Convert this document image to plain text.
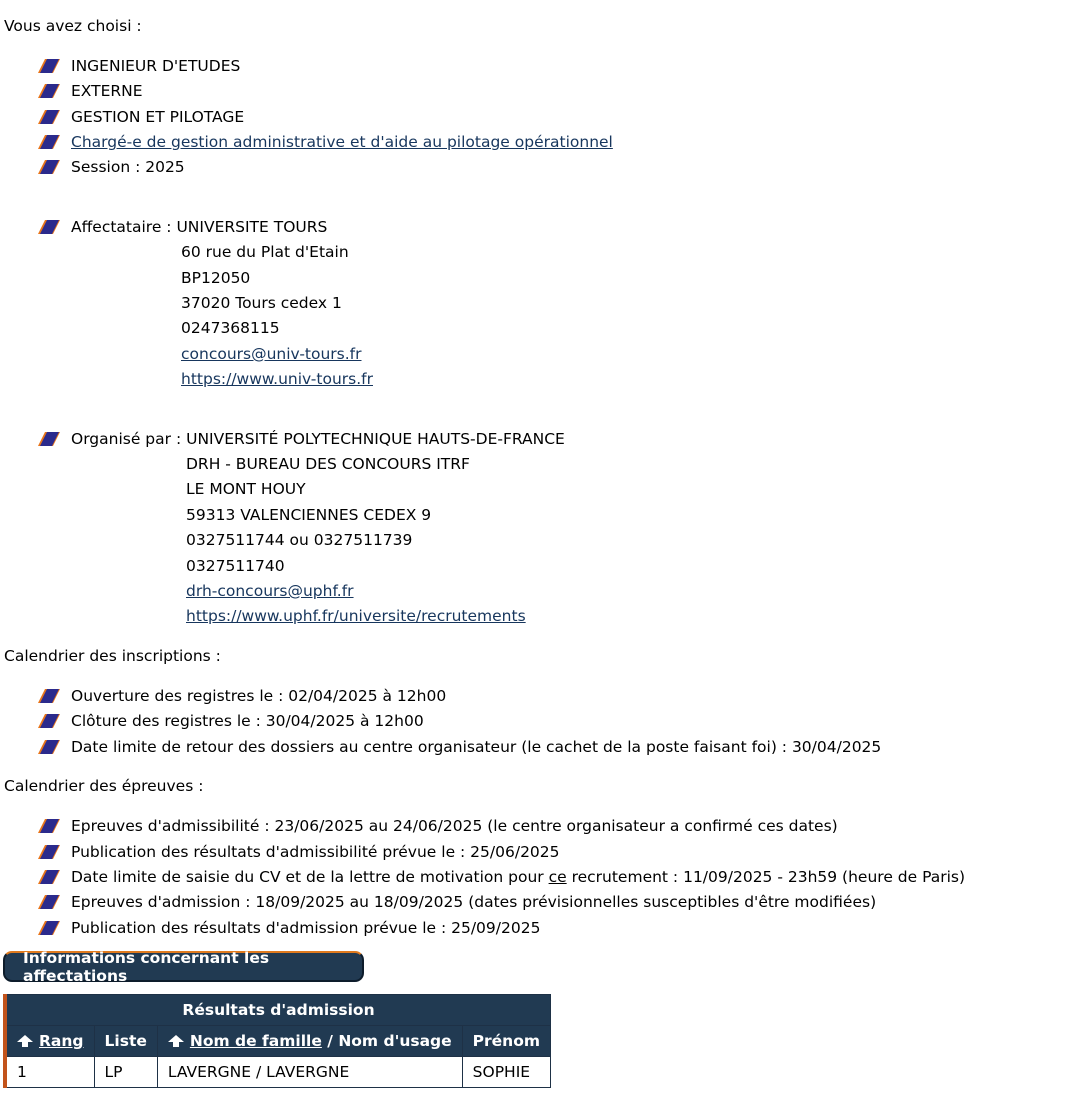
Vous avez choisi :
INGENIEUR D'ETUDES
EXTERNE
GESTION ET PILOTAGE
Chargé-e de gestion administrative et d'aide au pilotage opérationnel
Session : 2025
Affectataire : UNIVERSITE TOURS
60 rue du Plat d'Etain
BP12050
37020 Tours cedex 1
0247368115
concours@univ-tours.fr
https://www.univ-tours.fr
Organisé par : UNIVERSITÉ POLYTECHNIQUE HAUTS-DE-FRANCE
DRH - BUREAU DES CONCOURS ITRF
LE MONT HOUY
59313 VALENCIENNES CEDEX 9
0327511744 ou 0327511739
0327511740
drh-concours@uphf.fr
https://www.uphf.fr/universite/recrutements
Calendrier des inscriptions :
Ouverture des registres le : 02/04/2025 à 12h00
Clôture des registres le : 30/04/2025 à 12h00
Date limite de retour des dossiers au centre organisateur (le cachet de la poste faisant foi) : 30/04/2025
Calendrier des épreuves :
Epreuves d'admissibilité : 23/06/2025 au 24/06/2025 (le centre organisateur a confirmé ces dates)
Publication des résultats d'admissibilité prévue le : 25/06/2025
Date limite de saisie du CV et de la lettre de motivation pour ce recrutement : 11/09/2025 - 23h59 (heure de Paris)
Epreuves d'admission : 18/09/2025 au 18/09/2025 (dates prévisionnelles susceptibles d'être modifiées)
Publication des résultats d'admission prévue le : 25/09/2025
Informations concernant les affectations
Résultats d'admission			
Rang	Liste	Nom de famille / Nom d'usage	Prénom
1	LP	LAVERGNE / LAVERGNE	SOPHIE
